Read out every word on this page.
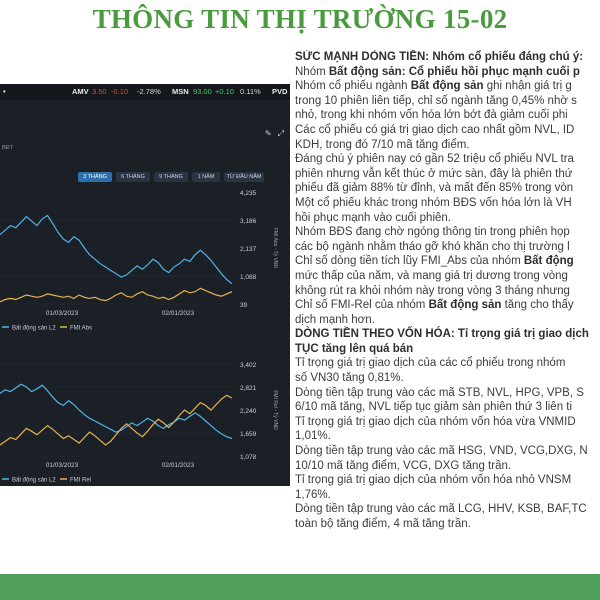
THÔNG TIN THỊ TRƯỜNG 15-02
•	AMV 3.50 -0.10 -2.78% MSN 93.00 +0.10 0.11% PVD
✎ ⤢
BĐT
3 THÁNG	6 THÁNG	9 THÁNG	1 NĂM	TỪ ĐẦU NĂM
4,235
3,186
2,137
1,088
39
FMI Abs - Tỷ VNĐ
01/03/2023	02/01/2023
Bất động sản L2 FMI Abs
3,402
2,821
2,240
1,659
1,078
FMI Rel - Tỷ VNĐ
01/03/2023	02/01/2023
Bất động sản L2 FMI Rel
SỨC MẠNH DÒNG TIỀN: Nhóm cổ phiếu đáng chú ý:
Nhóm Bất động sản: Cổ phiếu hồi phục mạnh cuối p
Nhóm cổ phiếu ngành Bất động sản ghi nhận giá trị g
trong 10 phiên liên tiếp, chỉ số ngành tăng 0,45% nhờ s
nhỏ, trong khi nhóm vốn hóa lớn bớt đà giảm cuối phi
Các cổ phiếu có giá trị giao dịch cao nhất gồm NVL, ID
KDH, trong đó 7/10 mã tăng điểm.
Đáng chú ý phiên nay có gần 52 triệu cổ phiếu NVL tra
phiên nhưng vẫn kết thúc ở mức sàn, đây là phiên thứ
phiếu đã giảm 88% từ đỉnh, và mất đến 85% trong vòn
Một cổ phiếu khác trong nhóm BĐS vốn hóa lớn là VH
hồi phục mạnh vào cuối phiên.
Nhóm BĐS đang chờ ngóng thông tin trong phiên họp
các bộ ngành nhằm tháo gỡ khó khăn cho thị trường l
Chỉ số dòng tiền tích lũy FMI_Abs của nhóm Bất động
mức thấp của năm, và mang giá trị dương trong vòng
không rút ra khỏi nhóm này trong vòng 3 tháng nhưng
Chỉ số FMI-Rel của nhóm Bất động sản tăng cho thấy
dịch mạnh hơn.
DÒNG TIỀN THEO VỐN HÓA: Tỉ trọng giá trị giao dịch
TỤC tăng lên quá bán
Tỉ trọng giá trị giao dịch của các cổ phiếu trong nhóm
số VN30 tăng 0,81%.
Dòng tiền tập trung vào các mã STB, NVL, HPG, VPB, S
6/10 mã tăng, NVL tiếp tục giảm sàn phiên thứ 3 liên ti
Tỉ trọng giá trị giao dịch của nhóm vốn hóa vừa VNMID
1,01%.
Dòng tiền tập trung vào các mã HSG, VND, VCG,DXG, N
10/10 mã tăng điểm, VCG, DXG tăng trần.
Tỉ trọng giá trị giao dịch của nhóm vốn hóa nhỏ VNSM
1,76%.
Dòng tiền tập trung vào các mã LCG, HHV, KSB, BAF,TC
toàn bộ tăng điểm, 4 mã tăng trần.
